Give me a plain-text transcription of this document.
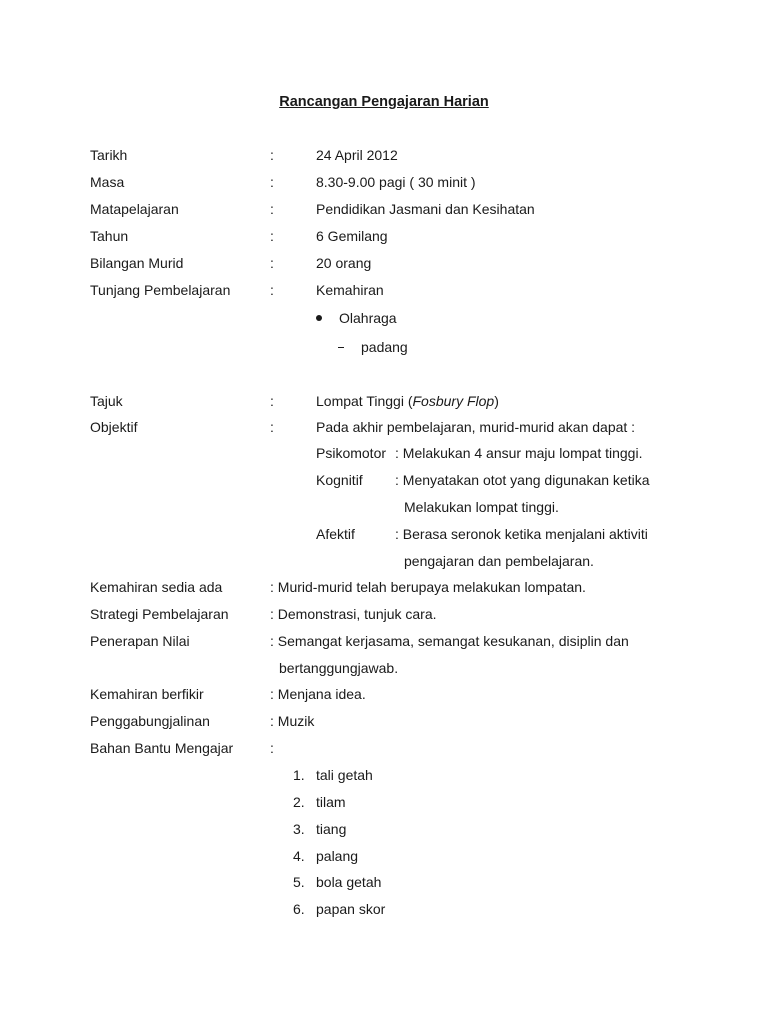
Rancangan Pengajaran Harian
Tarikh	:	24 April 2012
Masa	:	8.30-9.00 pagi ( 30 minit )
Matapelajaran	:	Pendidikan Jasmani dan Kesihatan
Tahun	:	6 Gemilang
Bilangan Murid	:	20 orang
Tunjang Pembelajaran	:	Kemahiran
Olahraga
padang
Tajuk	:	Lompat Tinggi (Fosbury Flop)
Objektif	:	Pada akhir pembelajaran, murid-murid akan dapat :
Psikomotor : Melakukan 4 ansur maju lompat tinggi.
Kognitif : Menyatakan otot yang digunakan ketika
Melakukan lompat tinggi.
Afektif	: Berasa seronok ketika menjalani aktiviti
pengajaran dan pembelajaran.
Kemahiran sedia ada	: Murid-murid telah berupaya melakukan lompatan.
Strategi Pembelajaran	: Demonstrasi, tunjuk cara.
Penerapan Nilai	: Semangat kerjasama, semangat kesukanan, disiplin dan
bertanggungjawab.
Kemahiran berfikir	: Menjana idea.
Penggabungjalinan	: Muzik
Bahan Bantu Mengajar	:
1. tali getah
2. tilam
3. tiang
4. palang
5. bola getah
6. papan skor
